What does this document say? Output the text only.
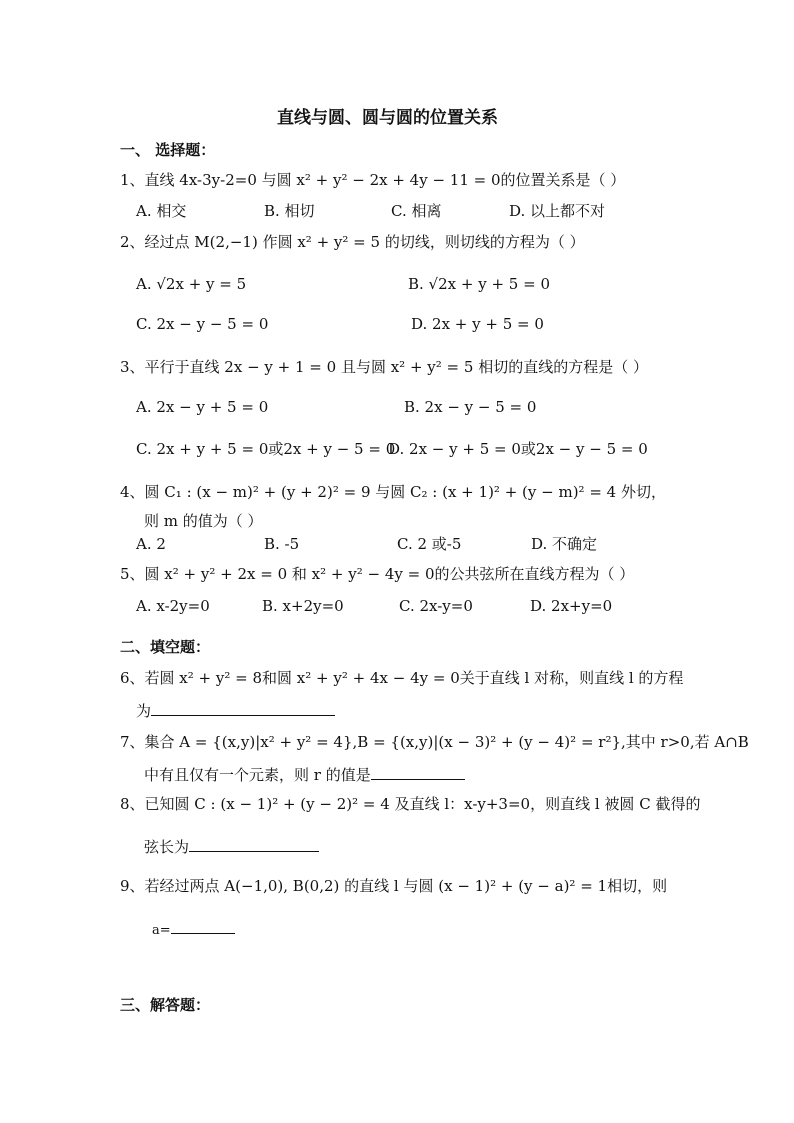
直线与圆、圆与圆的位置关系
一、 选择题：
1、直线 4x-3y-2=0 与圆 x² + y² − 2x + 4y − 11 = 0的位置关系是（ ）
A. 相交	B. 相切	C. 相离	D. 以上都不对
2、经过点 M(2,−1) 作圆 x² + y² = 5 的切线，则切线的方程为（ ）
A. √2x + y = 5	B. √2x + y + 5 = 0
C. 2x − y − 5 = 0	D. 2x + y + 5 = 0
3、平行于直线 2x − y + 1 = 0 且与圆 x² + y² = 5 相切的直线的方程是（ ）
A. 2x − y + 5 = 0	B. 2x − y − 5 = 0
C. 2x + y + 5 = 0或2x + y − 5 = 0
D. 2x − y + 5 = 0或2x − y − 5 = 0
4、圆 C₁ : (x − m)² + (y + 2)² = 9 与圆 C₂ : (x + 1)² + (y − m)² = 4 外切，
则 m 的值为（ ）
A. 2	B. -5	C. 2 或-5	D. 不确定
5、圆 x² + y² + 2x = 0 和 x² + y² − 4y = 0的公共弦所在直线方程为（ ）
A. x-2y=0	B. x+2y=0	C. 2x-y=0	D. 2x+y=0
二、填空题：
6、若圆 x² + y² = 8和圆 x² + y² + 4x − 4y = 0关于直线 l 对称，则直线 l 的方程
为
7、集合 A = {(x,y)|x² + y² = 4},B = {(x,y)|(x − 3)² + (y − 4)² = r²},其中 r>0,若 A∩B
中有且仅有一个元素，则 r 的值是
8、已知圆 C : (x − 1)² + (y − 2)² = 4 及直线 l：x-y+3=0，则直线 l 被圆 C 截得的
弦长为
9、若经过两点 A(−1,0), B(0,2) 的直线 l 与圆 (x − 1)² + (y − a)² = 1相切，则
a=
三、解答题：
